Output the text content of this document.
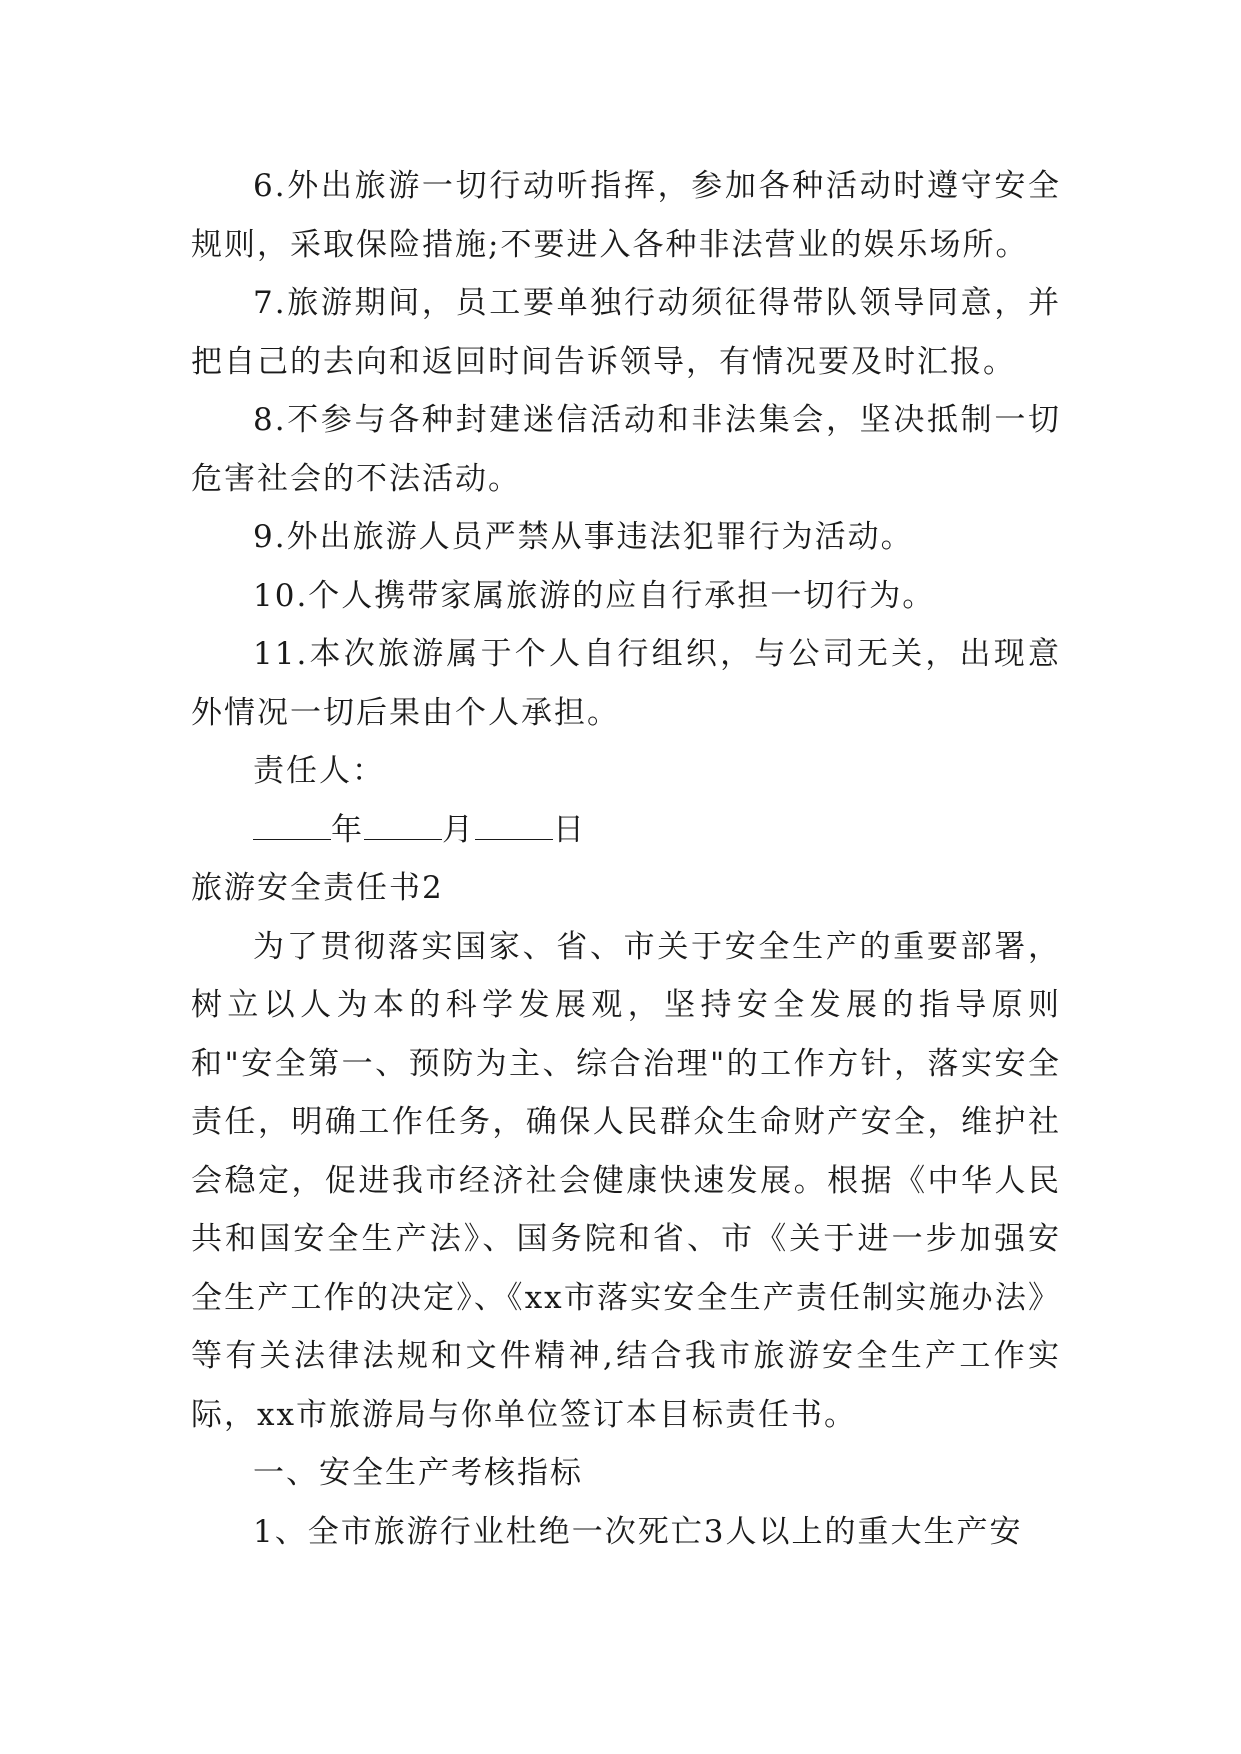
6.外出旅游一切行动听指挥，参加各种活动时遵守安全规则，采取保险措施;不要进入各种非法营业的娱乐场所。

7.旅游期间，员工要单独行动须征得带队领导同意，并把自己的去向和返回时间告诉领导，有情况要及时汇报。

8.不参与各种封建迷信活动和非法集会，坚决抵制一切危害社会的不法活动。

9.外出旅游人员严禁从事违法犯罪行为活动。

10.个人携带家属旅游的应自行承担一切行为。

11.本次旅游属于个人自行组织，与公司无关，出现意外情况一切后果由个人承担。

责任人：

年	月	日

旅游安全责任书2

为了贯彻落实国家、省、市关于安全生产的重要部署，树立以人为本的科学发展观，坚持安全发展的指导原则和"安全第一、预防为主、综合治理"的工作方针，落实安全责任，明确工作任务，确保人民群众生命财产安全，维护社会稳定，促进我市经济社会健康快速发展。根据《中华人民共和国安全生产法》、国务院和省、市《关于进一步加强安全生产工作的决定》、《xx市落实安全生产责任制实施办法》等有关法律法规和文件精神,结合我市旅游安全生产工作实际，xx市旅游局与你单位签订本目标责任书。

一、安全生产考核指标

1、全市旅游行业杜绝一次死亡3人以上的重大生产安
